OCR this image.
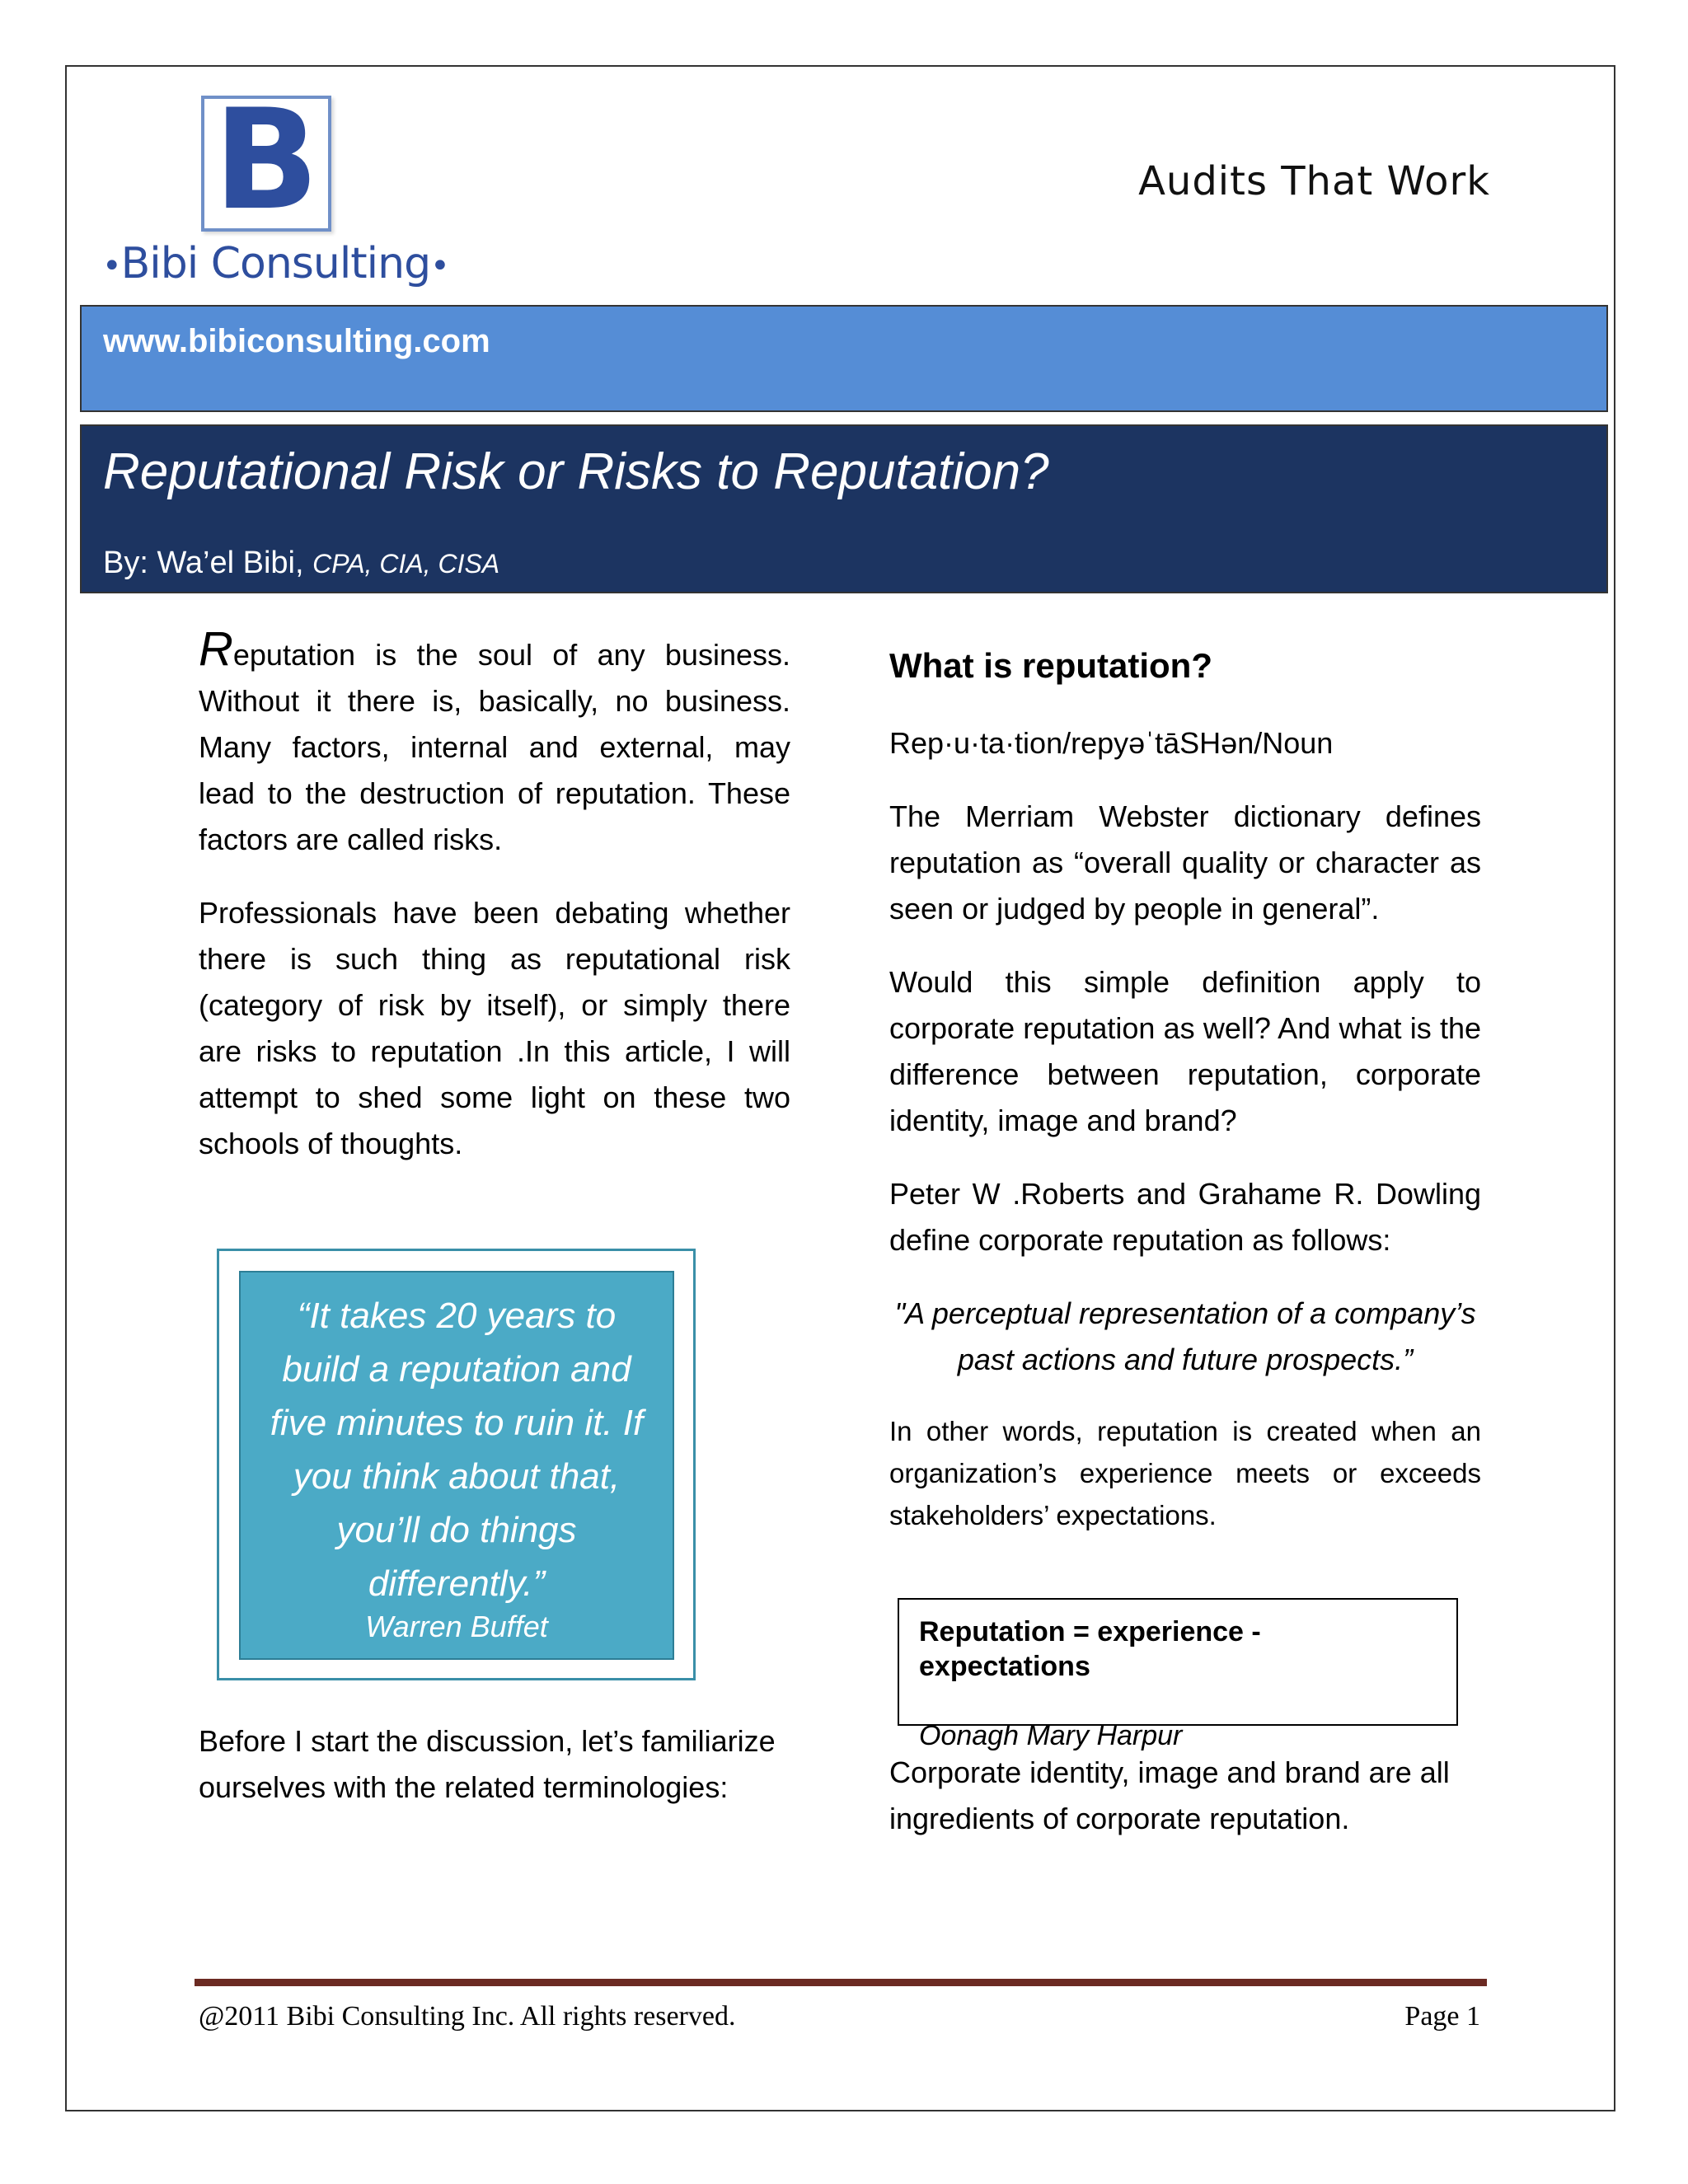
B
•Bibi Consulting•
Audits That Work
www.bibiconsulting.com
Reputational Risk or Risks to Reputation?
By: Wa’el Bibi, CPA, CIA, CISA

Reputation is the soul of any business. Without it there is, basically, no business. Many factors, internal and external, may lead to the destruction of reputation. These factors are called risks.

Professionals have been debating whether there is such thing as reputational risk (category of risk by itself), or simply there are risks to reputation .In this article, I will attempt to shed some light on these two schools of thoughts.

“It takes 20 years to build a reputation and five minutes to ruin it. If you think about that, you’ll do things differently.”
Warren Buffet
Before I start the discussion, let’s familiarize ourselves with the related terminologies:
What is reputation?
Rep·u·ta·tion/repyəˈtāSHən/Noun

The Merriam Webster dictionary defines reputation as “overall quality or character as seen or judged by people in general”.

Would this simple definition apply to corporate reputation as well? And what is the difference between reputation, corporate identity, image and brand?

Peter W .Roberts and Grahame R. Dowling define corporate reputation as follows:

"A perceptual representation of a company’s past actions and future prospects.”

In other words, reputation is created when an organization’s experience meets or exceeds stakeholders’ expectations.

Reputation = experience - expectations
Oonagh Mary Harpur
Corporate identity, image and brand are all ingredients of corporate reputation.
@2011 Bibi Consulting Inc. All rights reserved.	Page 1
